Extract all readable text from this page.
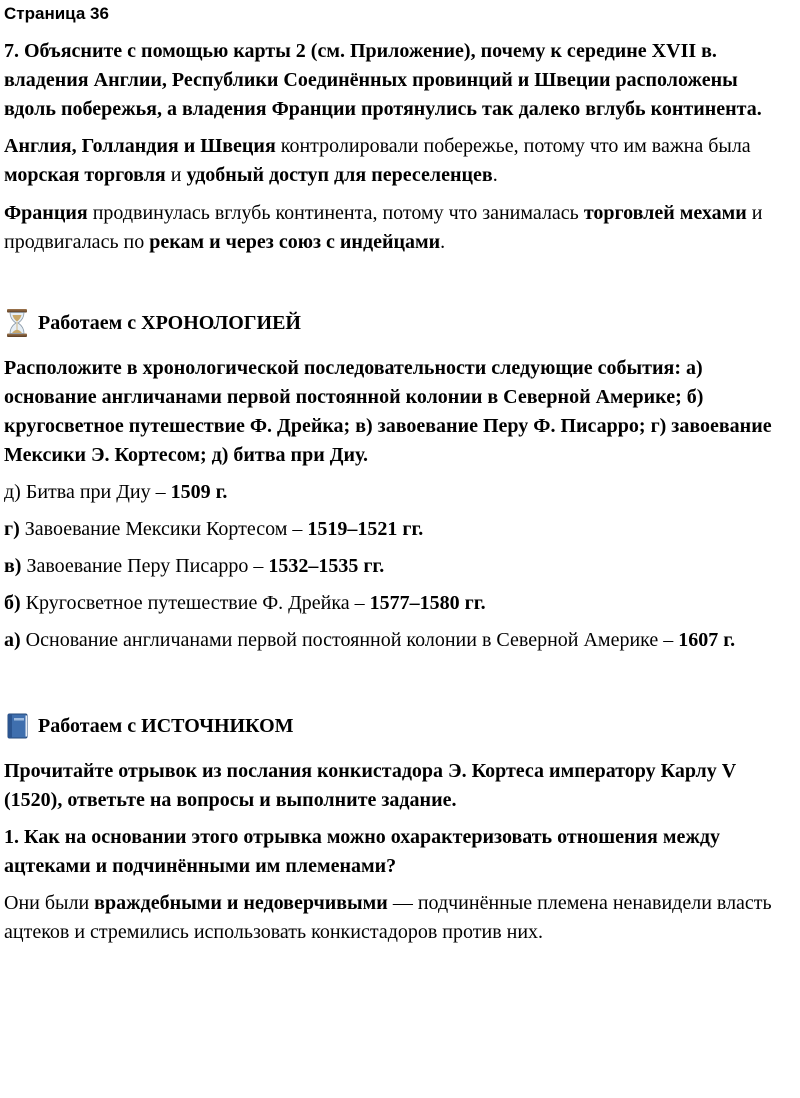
Страница 36

7. Объясните с помощью карты 2 (см. Приложение), почему к середине XVII в. владения Англии, Республики Соединённых провинций и Швеции расположены вдоль побережья, а владения Франции протянулись так далеко вглубь континента.

Англия, Голландия и Швеция контролировали побережье, потому что им важна была морская торговля и удобный доступ для переселенцев.

Франция продвинулась вглубь континента, потому что занималась торговлей мехами и продвигалась по рекам и через союз с индейцами.

Работаем с ХРОНОЛОГИЕЙ

Расположите в хронологической последовательности следующие события: а) основание англичанами первой постоянной колонии в Северной Америке; б) кругосветное путешествие Ф. Дрейка; в) завоевание Перу Ф. Писарро; г) завоевание Мексики Э. Кортесом; д) битва при Диу.

д) Битва при Диу – 1509 г.

г) Завоевание Мексики Кортесом – 1519–1521 гг.

в) Завоевание Перу Писарро – 1532–1535 гг.

б) Кругосветное путешествие Ф. Дрейка – 1577–1580 гг.

а) Основание англичанами первой постоянной колонии в Северной Америке – 1607 г.

Работаем с ИСТОЧНИКОМ

Прочитайте отрывок из послания конкистадора Э. Кортеса императору Карлу V (1520), ответьте на вопросы и выполните задание.

1. Как на основании этого отрывка можно охарактеризовать отношения между ацтеками и подчинёнными им племенами?

Они были враждебными и недоверчивыми — подчинённые племена ненавидели власть ацтеков и стремились использовать конкистадоров против них.
